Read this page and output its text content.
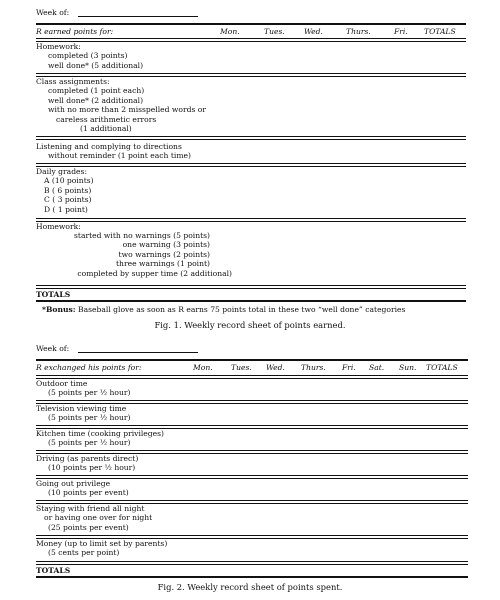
Week of:
R earned points for:	Mon.	Tues.	Wed.	Thurs.	Fri. TOTALS
Homework:
completed (3 points)
well done* (5 additional)
Class assignments:
completed (1 point each)
well done* (2 additional)
with no more than 2 misspelled words or
careless arithmetic errors
(1 additional)
Listening and complying to directions
without reminder (1 point each time)
Daily grades:
A (10 points)
B ( 6 points)
C ( 3 points)
D ( 1 point)
Homework:
started with no warnings (5 points)
one warning (3 points)
two warnings (2 points)
three warnings (1 point)
completed by supper time (2 additional)
TOTALS
*Bonus: Baseball glove as soon as R earns 75 points total in these two “well done” categories
Fig. 1. Weekly record sheet of points earned.
Week of:
R exchanged his points for:	Mon. Tues. Wed. Thurs. Fri. Sat. Sun. TOTALS
Outdoor time
(5 points per ½ hour)
Television viewing time
(5 points per ½ hour)
Kitchen time (cooking privileges)
(5 points per ½ hour)
Driving (as parents direct)
(10 points per ½ hour)
Going out privilege
(10 points per event)
Staying with friend all night
or having one over for night
(25 points per event)
Money (up to limit set by parents)
(5 cents per point)
TOTALS
Fig. 2. Weekly record sheet of points spent.
